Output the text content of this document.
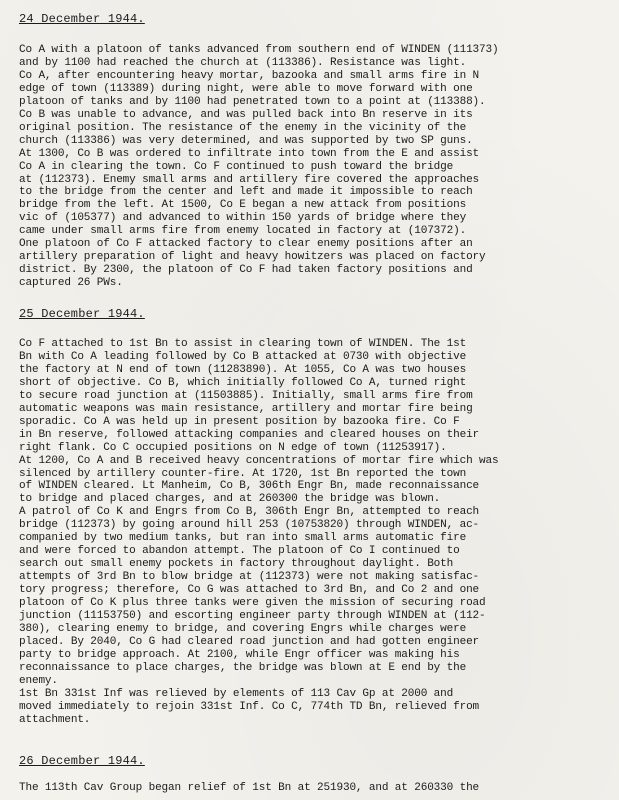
24 December 1944.

Co A with a platoon of tanks advanced from southern end of WINDEN (111373)
and by 1100 had reached the church at (113386). Resistance was light.
Co A, after encountering heavy mortar, bazooka and small arms fire in N
edge of town (113389) during night, were able to move forward with one
platoon of tanks and by 1100 had penetrated town to a point at (113388).
Co B was unable to advance, and was pulled back into Bn reserve in its
original position. The resistance of the enemy in the vicinity of the
church (113386) was very determined, and was supported by two SP guns.
At 1300, Co B was ordered to infiltrate into town from the E and assist
Co A in clearing the town. Co F continued to push toward the bridge
at (112373). Enemy small arms and artillery fire covered the approaches
to the bridge from the center and left and made it impossible to reach
bridge from the left. At 1500, Co E began a new attack from positions
vic of (105377) and advanced to within 150 yards of bridge where they
came under small arms fire from enemy located in factory at (107372).
One platoon of Co F attacked factory to clear enemy positions after an
artillery preparation of light and heavy howitzers was placed on factory
district. By 2300, the platoon of Co F had taken factory positions and
captured 26 PWs.

25 December 1944.

Co F attached to 1st Bn to assist in clearing town of WINDEN. The 1st
Bn with Co A leading followed by Co B attacked at 0730 with objective
the factory at N end of town (11283890). At 1055, Co A was two houses
short of objective. Co B, which initially followed Co A, turned right
to secure road junction at (11503885). Initially, small arms fire from
automatic weapons was main resistance, artillery and mortar fire being
sporadic. Co A was held up in present position by bazooka fire. Co F
in Bn reserve, followed attacking companies and cleared houses on their
right flank. Co C occupied positions on N edge of town (11253917).
At 1200, Co A and B received heavy concentrations of mortar fire which was
silenced by artillery counter-fire. At 1720, 1st Bn reported the town
of WINDEN cleared. Lt Manheim, Co B, 306th Engr Bn, made reconnaissance
to bridge and placed charges, and at 260300 the bridge was blown.
A patrol of Co K and Engrs from Co B, 306th Engr Bn, attempted to reach
bridge (112373) by going around hill 253 (10753820) through WINDEN, ac-
companied by two medium tanks, but ran into small arms automatic fire
and were forced to abandon attempt. The platoon of Co I continued to
search out small enemy pockets in factory throughout daylight. Both
attempts of 3rd Bn to blow bridge at (112373) were not making satisfac-
tory progress; therefore, Co G was attached to 3rd Bn, and Co 2 and one
platoon of Co K plus three tanks were given the mission of securing road
junction (11153750) and escorting engineer party through WINDEN at (112-
380), clearing enemy to bridge, and covering Engrs while charges were
placed. By 2040, Co G had cleared road junction and had gotten engineer
party to bridge approach. At 2100, while Engr officer was making his
reconnaissance to place charges, the bridge was blown at E end by the
enemy.
1st Bn 331st Inf was relieved by elements of 113 Cav Gp at 2000 and
moved immediately to rejoin 331st Inf. Co C, 774th TD Bn, relieved from
attachment.

26 December 1944.

The 113th Cav Group began relief of 1st Bn at 251930, and at 260330 the
